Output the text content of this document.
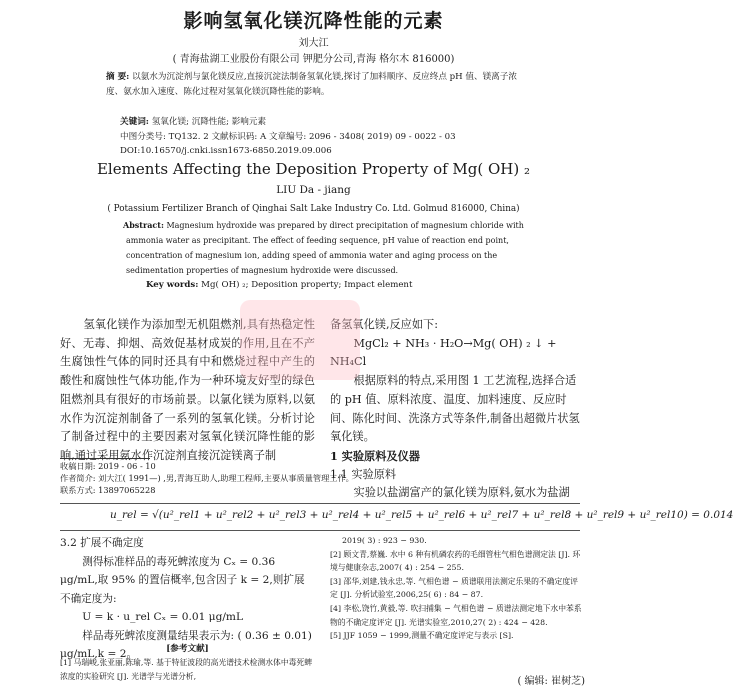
影响氢氧化镁沉降性能的元素
刘大江
( 青海盐湖工业股份有限公司 钾肥分公司,青海 格尔木 816000)
摘 要: 以氨水为沉淀剂与氯化镁反应,直接沉淀法制备氢氧化镁,探讨了加料顺序、反应终点 pH 值、镁离子浓度、氨水加入速度、陈化过程对氢氧化镁沉降性能的影响。
关键词: 氢氧化镁; 沉降性能; 影响元素
中图分类号: TQ132. 2 文献标识码: A 文章编号: 2096 - 3408( 2019) 09 - 0022 - 03
DOI:10.16570/j.cnki.issn1673-6850.2019.09.006
Elements Affecting the Deposition Property of Mg( OH) ₂
LIU Da - jiang
( Potassium Fertilizer Branch of Qinghai Salt Lake Industry Co. Ltd. Golmud 816000, China)
Abstract: Magnesium hydroxide was prepared by direct precipitation of magnesium chloride with ammonia water as precipitant. The effect of feeding sequence, pH value of reaction end point, concentration of magnesium ion, adding speed of ammonia water and aging process on the sedimentation properties of magnesium hydroxide were discussed.
Key words: Mg( OH) ₂; Deposition property; Impact element
氢氧化镁作为添加型无机阻燃剂,具有热稳定性好、无毒、抑烟、高效促基材成炭的作用,且在不产生腐蚀性气体的同时还具有中和燃烧过程中产生的酸性和腐蚀性气体功能,作为一种环境友好型的绿色阻燃剂具有很好的市场前景。以氯化镁为原料,以氨水作为沉淀剂制备了一系列的氢氧化镁。分析讨论了制备过程中的主要因素对氢氧化镁沉降性能的影响,通过采用氨水作沉淀剂直接沉淀镁离子制
备氢氧化镁,反应如下:
MgCl₂ + NH₃ · H₂O→Mg( OH) ₂ ↓ + NH₄Cl
根据原料的特点,采用图 1 工艺流程,选择合适的 pH 值、原料浓度、温度、加料速度、反应时间、陈化时间、洗涤方式等条件,制备出超微片状氢氧化镁。
1 实验原料及仪器
1.1 实验原料
实验以盐湖富产的氯化镁为原料,氨水为盐湖
收稿日期: 2019 - 06 - 10
作者简介: 刘大江( 1991—) ,男,青海互助人,助理工程师,主要从事质量管理工作。
联系方式: 13897065228
u_rel = √(u²_rel1 + u²_rel2 + u²_rel3 + u²_rel4 + u²_rel5 + u²_rel6 + u²_rel7 + u²_rel8 + u²_rel9 + u²_rel10) = 0.014
3.2 扩展不确定度
测得标准样品的毒死蜱浓度为 Cₓ = 0.36 μg/mL,取 95% 的置信概率,包含因子 k = 2,则扩展不确定度为:
U = k · u_rel Cₓ = 0.01 μg/mL
样品毒死蜱浓度测量结果表示为: ( 0.36 ± 0.01) μg/mL,k = 2。	[参考文献]
[1] 马瑞峻,张亚丽,陈瑜,等. 基于特征波段的高光谱技术检测水体中毒死蜱浓度的实验研究 [J]. 光谱学与光谱分析,
2019( 3) : 923 − 930.
[2] 顾文青,蔡巍. 水中 6 种有机磷农药的毛细管柱气相色谱测定法 [J]. 环境与健康杂志,2007( 4) : 254 − 255.
[3] 邵华,刘建,钱永忠,等. 气相色谱 − 质谱联用法测定乐果的不确定度评定 [J]. 分析试验室,2006,25( 6) : 84 − 87.
[4] 李松,饶竹,黄毅,等. 吹扫捕集 − 气相色谱 − 质谱法测定地下水中苯系物的不确定度评定 [J]. 光谱实验室,2010,27( 2) : 424 − 428.
[5] JJF 1059 − 1999,测量不确定度评定与表示 [S].
( 编辑: 崔树芝)
